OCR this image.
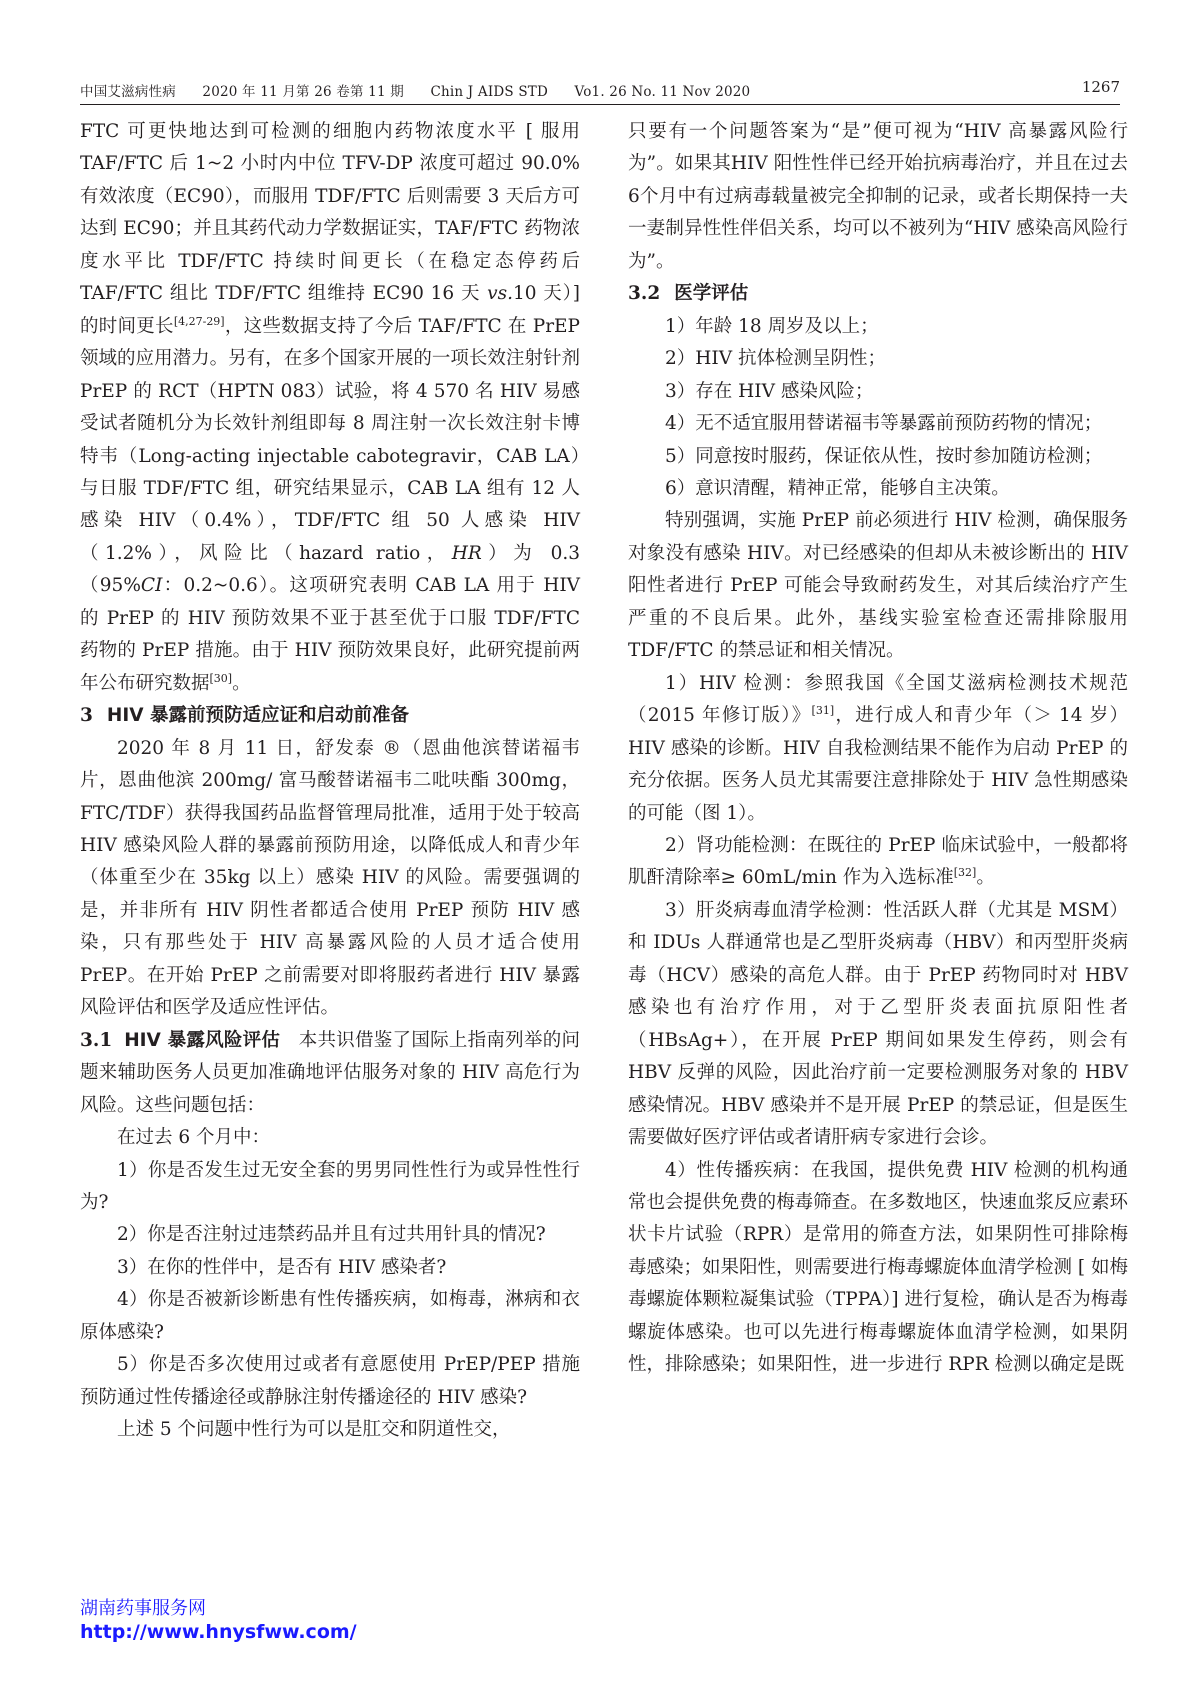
中国艾滋病性病 2020 年 11 月第 26 卷第 11 期 Chin J AIDS STD Vo1. 26 No. 11 Nov 2020	1267

FTC 可更快地达到可检测的细胞内药物浓度水平 [ 服用 TAF/FTC 后 1~2 小时内中位 TFV-DP 浓度可超过 90.0% 有效浓度（EC90），而服用 TDF/FTC 后则需要 3 天后方可达到 EC90；并且其药代动力学数据证实，TAF/FTC 药物浓度水平比 TDF/FTC 持续时间更长（在稳定态停药后 TAF/FTC 组比 TDF/FTC 组维持 EC90 16 天 vs.10 天）] 的时间更长[4,27-29]，这些数据支持了今后 TAF/FTC 在 PrEP 领域的应用潜力。另有，在多个国家开展的一项长效注射针剂 PrEP 的 RCT（HPTN 083）试验，将 4 570 名 HIV 易感受试者随机分为长效针剂组即每 8 周注射一次长效注射卡博特韦（Long-acting injectable cabotegravir，CAB LA）与日服 TDF/FTC 组，研究结果显示，CAB LA 组有 12 人感染 HIV（0.4%），TDF/FTC 组 50 人感染 HIV（1.2%），风险比（hazard ratio，HR）为 0.3（95%CI：0.2~0.6）。这项研究表明 CAB LA 用于 HIV 的 PrEP 的 HIV 预防效果不亚于甚至优于口服 TDF/FTC 药物的 PrEP 措施。由于 HIV 预防效果良好，此研究提前两年公布研究数据[30]。

3 HIV 暴露前预防适应证和启动前准备

2020 年 8 月 11 日，舒发泰 ®（恩曲他滨替诺福韦片，恩曲他滨 200mg/ 富马酸替诺福韦二吡呋酯 300mg，FTC/TDF）获得我国药品监督管理局批准，适用于处于较高 HIV 感染风险人群的暴露前预防用途，以降低成人和青少年（体重至少在 35kg 以上）感染 HIV 的风险。需要强调的是，并非所有 HIV 阴性者都适合使用 PrEP 预防 HIV 感染，只有那些处于 HIV 高暴露风险的人员才适合使用 PrEP。在开始 PrEP 之前需要对即将服药者进行 HIV 暴露风险评估和医学及适应性评估。

3.1 HIV 暴露风险评估 本共识借鉴了国际上指南列举的问题来辅助医务人员更加准确地评估服务对象的 HIV 高危行为风险。这些问题包括：

在过去 6 个月中：

1）你是否发生过无安全套的男男同性性行为或异性性行为?

2）你是否注射过违禁药品并且有过共用针具的情况?

3）在你的性伴中，是否有 HIV 感染者?

4）你是否被新诊断患有性传播疾病，如梅毒，淋病和衣原体感染?

5）你是否多次使用过或者有意愿使用 PrEP/PEP 措施预防通过性传播途径或静脉注射传播途径的 HIV 感染?

上述 5 个问题中性行为可以是肛交和阴道性交，

只要有一个问题答案为“是”便可视为“HIV 高暴露风险行为”。如果其HIV 阳性性伴已经开始抗病毒治疗，并且在过去6个月中有过病毒载量被完全抑制的记录，或者长期保持一夫一妻制异性性伴侣关系，均可以不被列为“HIV 感染高风险行为”。

3.2 医学评估

1）年龄 18 周岁及以上；

2）HIV 抗体检测呈阴性；

3）存在 HIV 感染风险；

4）无不适宜服用替诺福韦等暴露前预防药物的情况；

5）同意按时服药，保证依从性，按时参加随访检测；

6）意识清醒，精神正常，能够自主决策。

特别强调，实施 PrEP 前必须进行 HIV 检测，确保服务对象没有感染 HIV。对已经感染的但却从未被诊断出的 HIV 阳性者进行 PrEP 可能会导致耐药发生，对其后续治疗产生严重的不良后果。此外，基线实验室检查还需排除服用 TDF/FTC 的禁忌证和相关情况。

1）HIV 检测：参照我国《全国艾滋病检测技术规范（2015 年修订版）》[31]，进行成人和青少年（＞ 14 岁）HIV 感染的诊断。HIV 自我检测结果不能作为启动 PrEP 的充分依据。医务人员尤其需要注意排除处于 HIV 急性期感染的可能（图 1）。

2）肾功能检测：在既往的 PrEP 临床试验中，一般都将肌酐清除率≥ 60mL/min 作为入选标准[32]。

3）肝炎病毒血清学检测：性活跃人群（尤其是 MSM）和 IDUs 人群通常也是乙型肝炎病毒（HBV）和丙型肝炎病毒（HCV）感染的高危人群。由于 PrEP 药物同时对 HBV 感染也有治疗作用，对于乙型肝炎表面抗原阳性者（HBsAg+），在开展 PrEP 期间如果发生停药，则会有 HBV 反弹的风险，因此治疗前一定要检测服务对象的 HBV 感染情况。HBV 感染并不是开展 PrEP 的禁忌证，但是医生需要做好医疗评估或者请肝病专家进行会诊。

4）性传播疾病：在我国，提供免费 HIV 检测的机构通常也会提供免费的梅毒筛查。在多数地区，快速血浆反应素环状卡片试验（RPR）是常用的筛查方法，如果阴性可排除梅毒感染；如果阳性，则需要进行梅毒螺旋体血清学检测 [ 如梅毒螺旋体颗粒凝集试验（TPPA）] 进行复检，确认是否为梅毒螺旋体感染。也可以先进行梅毒螺旋体血清学检测，如果阴性，排除感染；如果阳性，进一步进行 RPR 检测以确定是既

湖南药事服务网
http://www.hnysfww.com/
